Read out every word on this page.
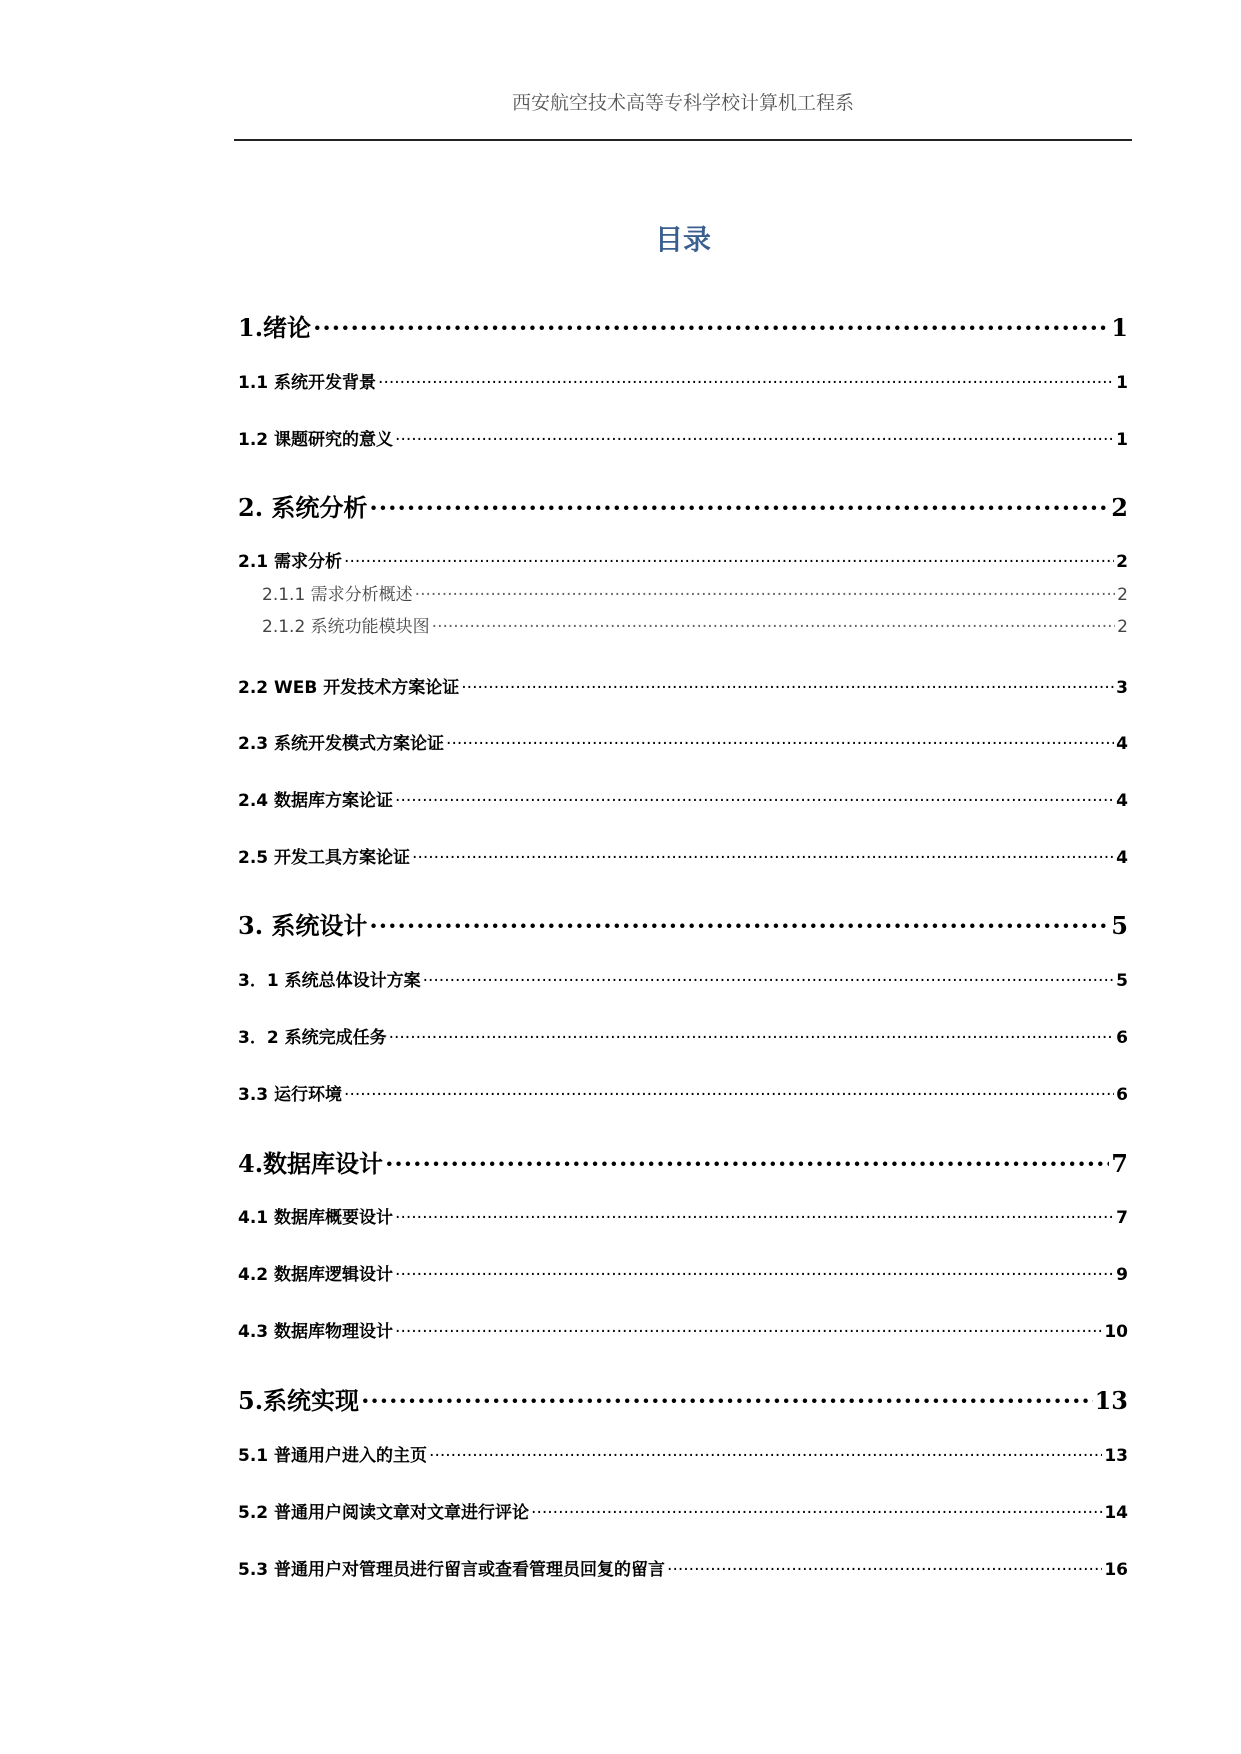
西安航空技术高等专科学校计算机工程系
目录
1.绪论 ·····	1
1.1 系统开发背景 ·····	1
1.2 课题研究的意义 ·····	1
2. 系统分析 ·····	2
2.1 需求分析 ·····	2
2.1.1 需求分析概述 ·····	2
2.1.2 系统功能模块图 ·····	2
2.2 WEB 开发技术方案论证 ·····	3
2.3 系统开发模式方案论证 ·····	4
2.4 数据库方案论证 ·····	4
2.5 开发工具方案论证 ·····	4
3. 系统设计 ·····	5
3．1 系统总体设计方案 ·····	5
3．2 系统完成任务 ·····	6
3.3 运行环境 ·····	6
4.数据库设计 ·····	7
4.1 数据库概要设计 ·····	7
4.2 数据库逻辑设计 ·····	9
4.3 数据库物理设计 ·····	10
5.系统实现 ·····	13
5.1 普通用户进入的主页 ·····	13
5.2 普通用户阅读文章对文章进行评论 ·····	14
5.3 普通用户对管理员进行留言或查看管理员回复的留言 ·····	16
